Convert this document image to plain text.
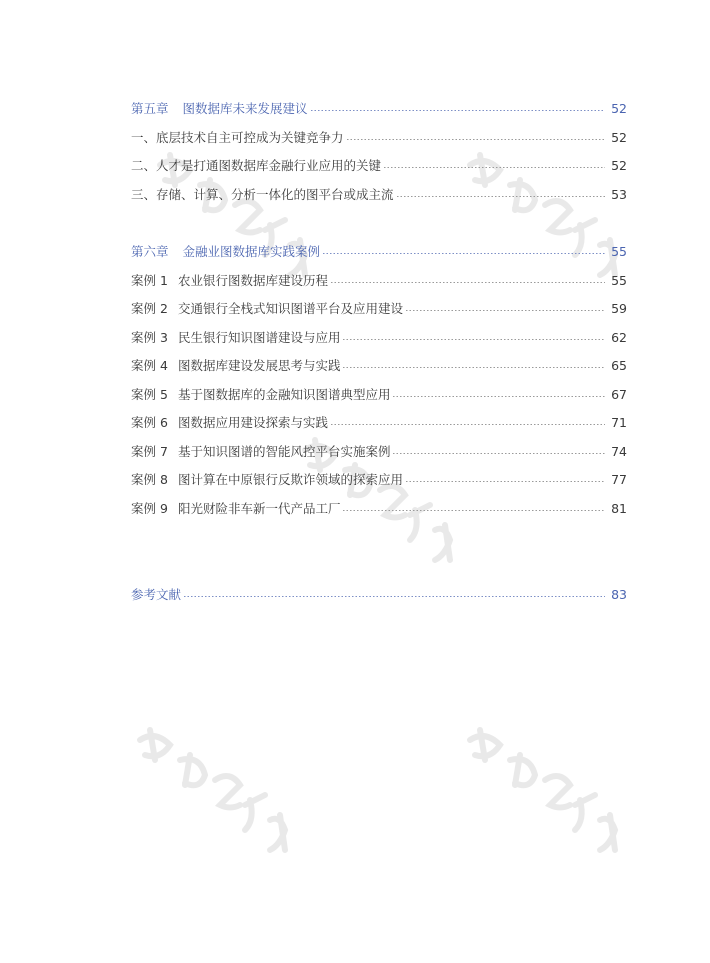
第五章 图数据库未来发展建议	52
一、底层技术自主可控成为关键竞争力	52
二、人才是打通图数据库金融行业应用的关键	52
三、存储、计算、分析一体化的图平台或成主流	53
第六章 金融业图数据库实践案例	55
案例 1 农业银行图数据库建设历程	55
案例 2 交通银行全栈式知识图谱平台及应用建设	59
案例 3 民生银行知识图谱建设与应用	62
案例 4 图数据库建设发展思考与实践	65
案例 5 基于图数据库的金融知识图谱典型应用	67
案例 6 图数据应用建设探索与实践	71
案例 7 基于知识图谱的智能风控平台实施案例	74
案例 8 图计算在中原银行反欺诈领域的探索应用	77
案例 9 阳光财险非车新一代产品工厂	81
参考文献	83
